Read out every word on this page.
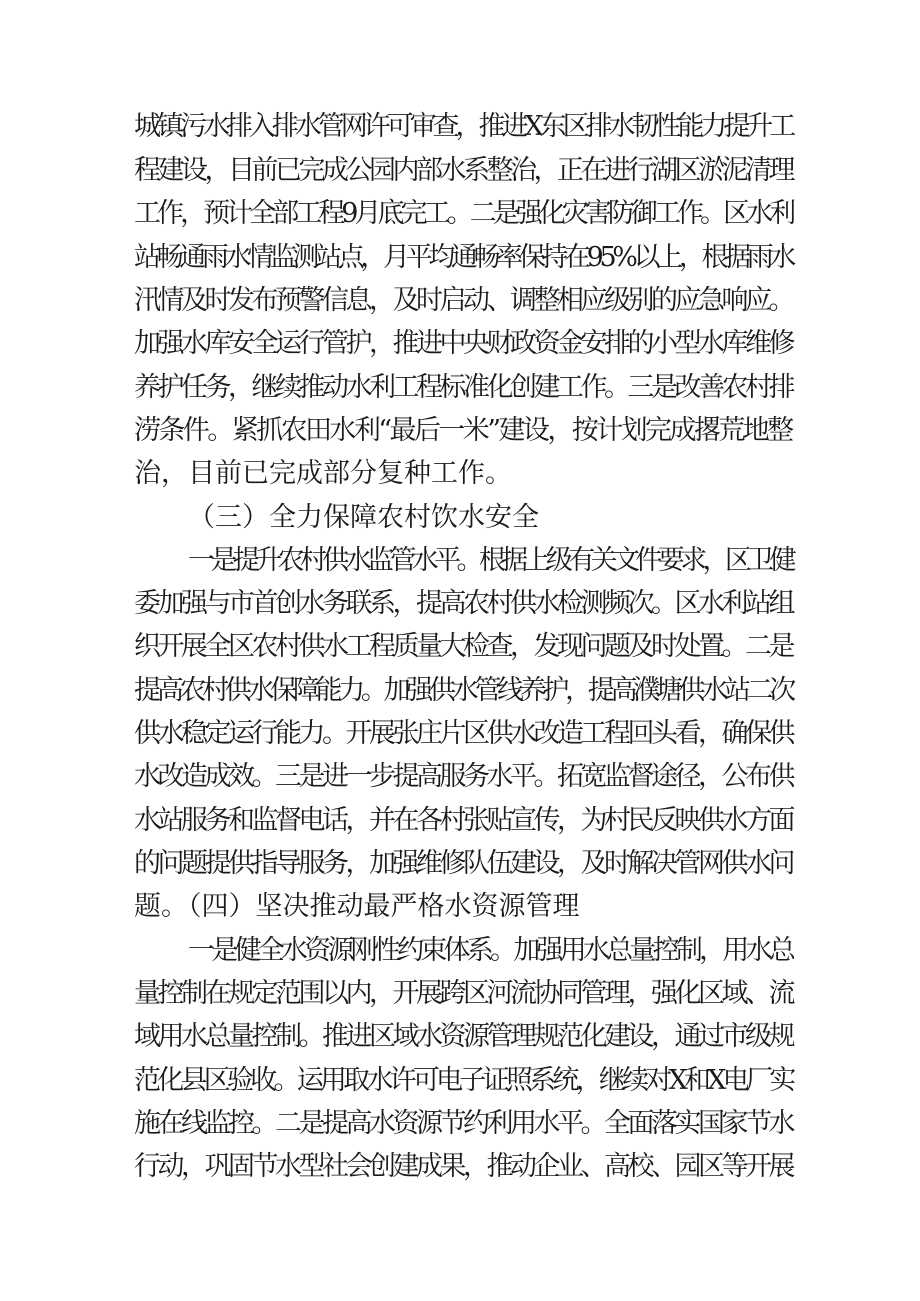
城镇污水排入排水管网许可审查，推进X东区排水韧性能力提升工
程建设，目前已完成公园内部水系整治，正在进行湖区淤泥清理
工作，预计全部工程9月底完工。二是强化灾害防御工作。区水利
站畅通雨水情监测站点，月平均通畅率保持在95%以上，根据雨水
汛情及时发布预警信息，及时启动、调整相应级别的应急响应。
加强水库安全运行管护，推进中央财政资金安排的小型水库维修
养护任务，继续推动水利工程标准化创建工作。三是改善农村排
涝条件。紧抓农田水利“最后一米”建设，按计划完成撂荒地整
治，目前已完成部分复种工作。
（三）全力保障农村饮水安全
一是提升农村供水监管水平。根据上级有关文件要求，区卫健
委加强与市首创水务联系，提高农村供水检测频次。区水利站组
织开展全区农村供水工程质量大检查，发现问题及时处置。二是
提高农村供水保障能力。加强供水管线养护，提高濮塘供水站二次
供水稳定运行能力。开展张庄片区供水改造工程回头看，确保供
水改造成效。三是进一步提高服务水平。拓宽监督途径，公布供
水站服务和监督电话，并在各村张贴宣传，为村民反映供水方面
的问题提供指导服务，加强维修队伍建设，及时解决管网供水问
题。（四）坚决推动最严格水资源管理
一是健全水资源刚性约束体系。加强用水总量控制，用水总
量控制在规定范围以内，开展跨区河流协同管理，强化区域、流
域用水总量控制。推进区域水资源管理规范化建设，通过市级规
范化县区验收。运用取水许可电子证照系统，继续对X和X电厂实
施在线监控。二是提高水资源节约利用水平。全面落实国家节水
行动，巩固节水型社会创建成果，推动企业、高校、园区等开展
